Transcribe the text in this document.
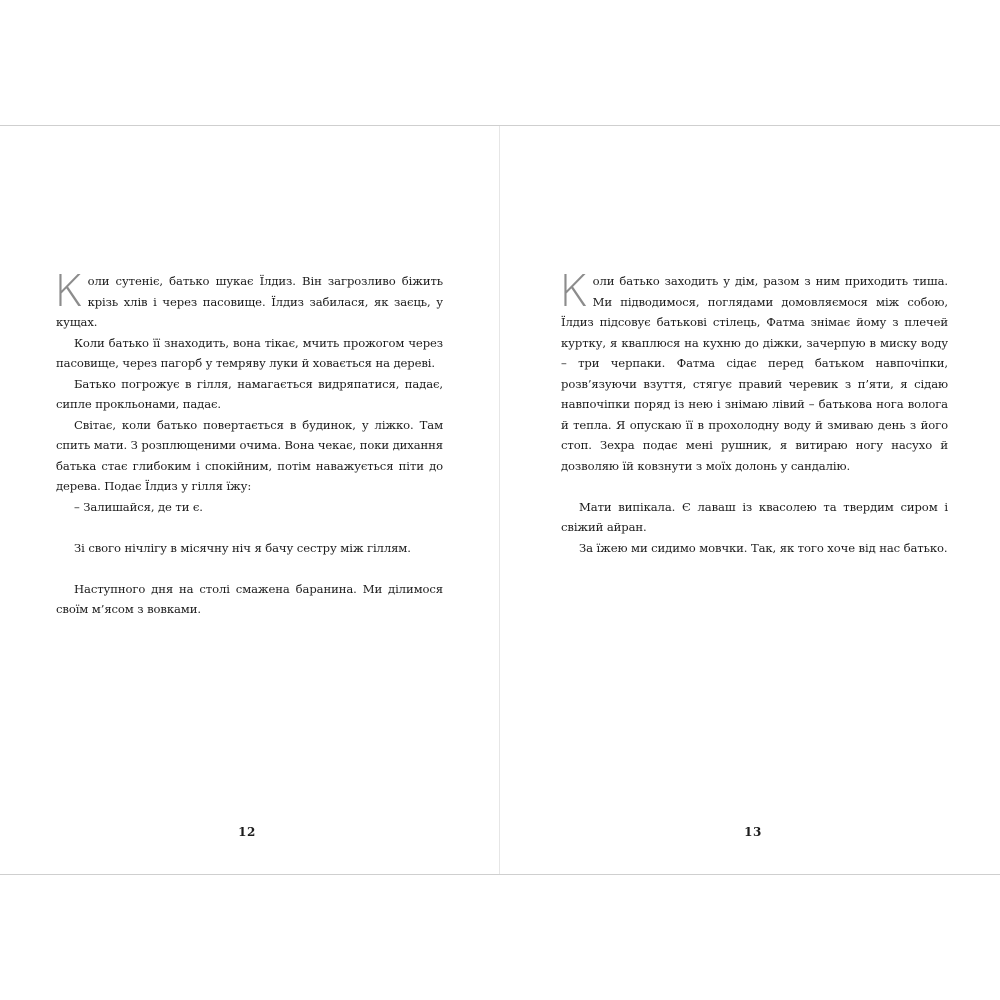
Коли сутеніє, батько шукає Їлдиз. Він загрозливо біжить крізь хлів і через пасовище. Їлдиз забилася, як заєць, у кущах.

Коли батько її знаходить, вона тікає, мчить прожогом через пасовище, через пагорб у темряву луки й ховається на дереві.

Батько погрожує в гілля, намагається видряпатися, падає, сипле прокльонами, падає.

Світає, коли батько повертається в будинок, у ліжко. Там спить мати. З розплющеними очима. Вона чекає, поки дихання батька стає глибоким і спокійним, потім наважується піти до дерева. Подає Їлдиз у гілля їжу:

– Залишайся, де ти є.

Зі свого нічлігу в місячну ніч я бачу сестру між гіллям.

Наступного дня на столі смажена баранина. Ми ділимося своїм м’ясом з вовками.

12

Коли батько заходить у дім, разом з ним приходить тиша. Ми підводимося, поглядами домовляємося між собою, Їлдиз підсовує батькові стілець, Фатма знімає йому з плечей куртку, я кваплюся на кухню до діжки, зачерпую в миску воду – три черпаки. Фатма сідає перед батьком навпочіпки, розв’язуючи взуття, стягує правий черевик з п’яти, я сідаю навпочіпки поряд із нею і знімаю лівий – батькова нога волога й тепла. Я опускаю її в прохолодну воду й змиваю день з його стоп. Зехра подає мені рушник, я витираю ногу насухо й дозволяю їй ковзнути з моїх долонь у сандалію.

Мати випікала. Є лаваш із квасолею та твердим сиром і свіжий айран.

За їжею ми сидимо мовчки. Так, як того хоче від нас батько.

13
